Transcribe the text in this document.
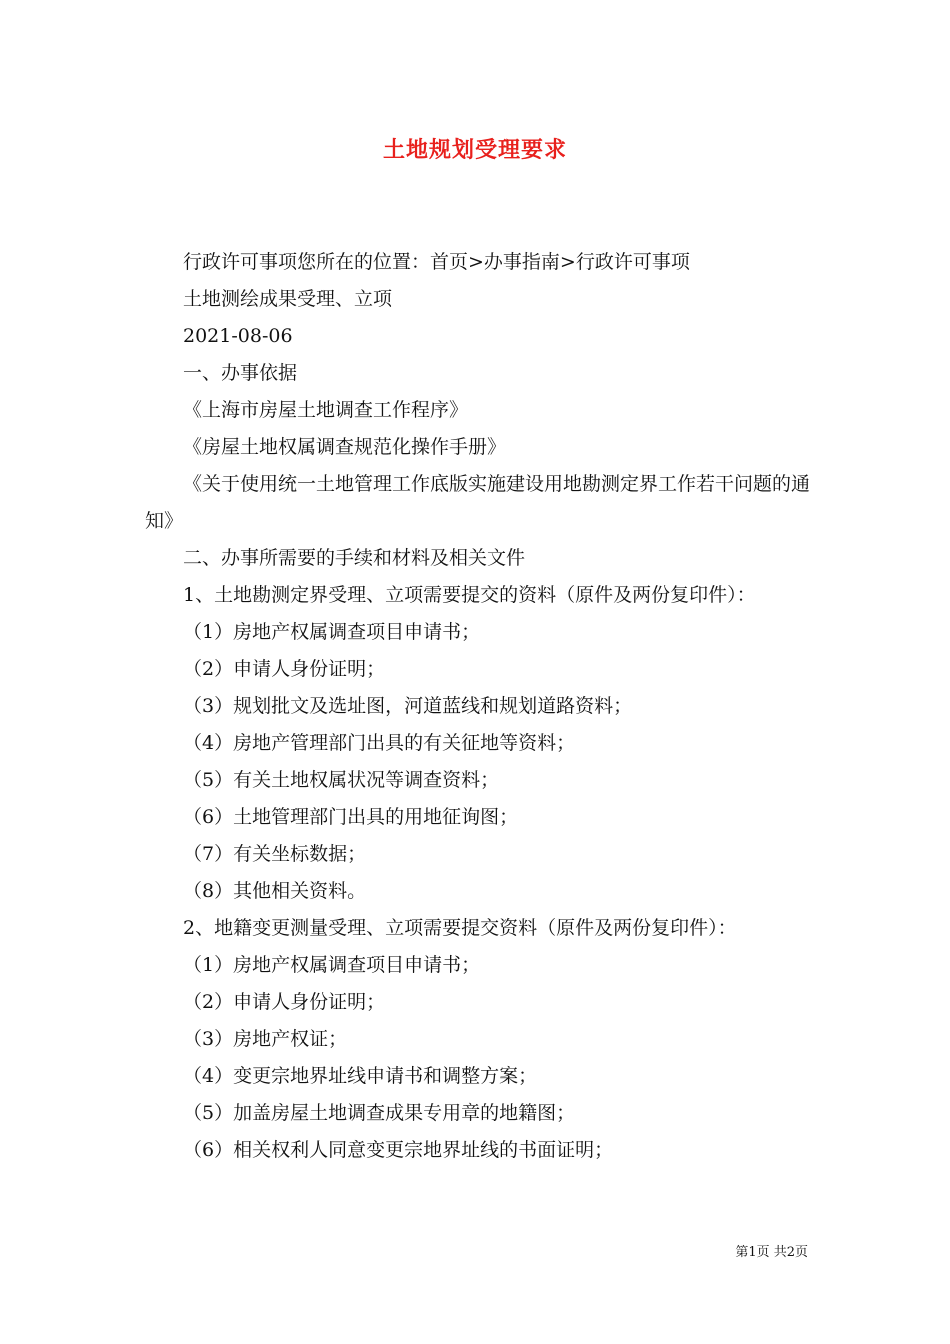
土地规划受理要求

行政许可事项您所在的位置：首页>办事指南>行政许可事项

土地测绘成果受理、立项

2021-08-06

一、办事依据

《上海市房屋土地调查工作程序》

《房屋土地权属调查规范化操作手册》

《关于使用统一土地管理工作底版实施建设用地勘测定界工作若干问题的通知》

二、办事所需要的手续和材料及相关文件

1、土地勘测定界受理、立项需要提交的资料（原件及两份复印件）：

（1）房地产权属调查项目申请书；

（2）申请人身份证明；

（3）规划批文及选址图，河道蓝线和规划道路资料；

（4）房地产管理部门出具的有关征地等资料；

（5）有关土地权属状况等调查资料；

（6）土地管理部门出具的用地征询图；

（7）有关坐标数据；

（8）其他相关资料。

2、地籍变更测量受理、立项需要提交资料（原件及两份复印件）：

（1）房地产权属调查项目申请书；

（2）申请人身份证明；

（3）房地产权证；

（4）变更宗地界址线申请书和调整方案；

（5）加盖房屋土地调查成果专用章的地籍图；

（6）相关权利人同意变更宗地界址线的书面证明；

第1页 共2页
